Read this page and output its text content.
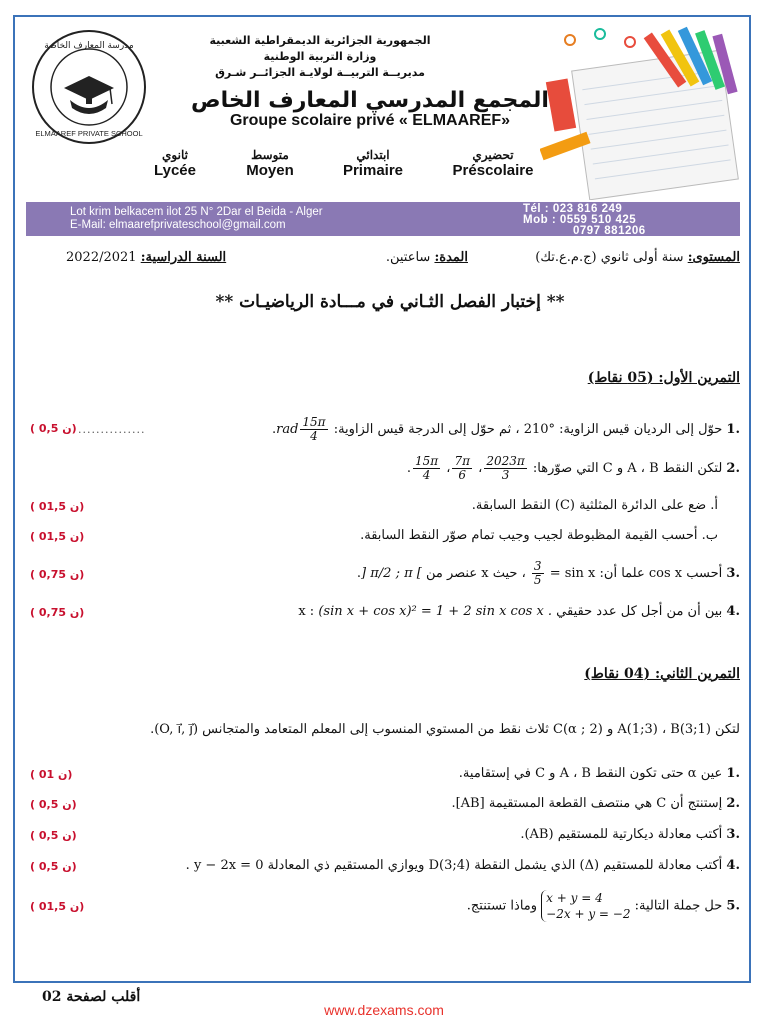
مدرسة المعارف الخاصة
ELMAAREF PRIVATE SCHOOL
الجمهورية الجزائرية الديمقراطية الشعبية
وزارة التربية الوطنية
مديريــة التربيــة لولايـة الجزائــر شـرق
المجمع المدرسي المعارف الخاص
Groupe scolaire privé « ELMAAREF»
ثانوي
Lycée
متوسط
Moyen
ابتدائي
Primaire
تحضيري
Préscolaire
Lot krim belkacem ilot 25 N° 2Dar el Beida - Alger
E-Mail: elmaarefprivateschool@gmail.com
Tél : 023 816 249
Mob : 0559 510 425
0797 881206
المستوى: سنة أولى ثانوي (ج.م.ع.تك)
المدة: ساعتين.
السنة الدراسية: 2022/2021
** إختبار الفصل الثـاني في مـــادة الرياضيـات **
التمرين الأول: (05 نقاط)
.1 حوّل إلى الرديان قيس الزاوية: °210 ، ثم حوّل إلى الدرجة قيس الزاوية:
$\frac{15\pi}{4}$
rad.
...............
( 0,5 ن)
.2 لتكن النقط A ، B و C التي صوّرها:
$\frac{2023\pi}{3}$
،
$\frac{7\pi}{6}$
،
$\frac{15\pi}{4}$
.
أ. ضع على الدائرة المثلثية (C) النقط السابقة.
( 01,5 ن)
ب. أحسب القيمة المظبوطة لجيب وجيب تمام صوّر النقط السابقة.
( 01,5 ن)
.3 أحسب cos x علما أن: sin x =
$\frac{3}{5}$
، حيث x عنصر من ] π/2 ; π [.
( 0,75 ن)
.4 بين أن من أجل كل عدد حقيقي x : (sin x + cos x)² = 1 + 2 sin x cos x .
( 0,75 ن)
التمرين الثاني: (04 نقاط)
لتكن A(1;3) ، B(3;1) و C(α ; 2) ثلاث نقط من المستوي المنسوب إلى المعلم المتعامد والمتجانس (O, i⃗, j⃗).
.1 عين α حتى تكون النقط A ، B و C في إستقامية.
( 01 ن)
.2 إستنتج أن C هي منتصف القطعة المستقيمة [AB].
( 0,5 ن)
.3 أكتب معادلة ديكارتية للمستقيم (AB).
( 0,5 ن)
.4 أكتب معادلة للمستقيم (Δ) الذي يشمل النقطة D(3;4) ويوازي المستقيم ذي المعادلة y − 2x = 0 .
( 0,5 ن)
.5 حل جملة التالية: x + y = 4
−2x + y = −2 وماذا تستنتج.
( 01,5 ن)
أقلب لصفحة 02
www.dzexams.com
